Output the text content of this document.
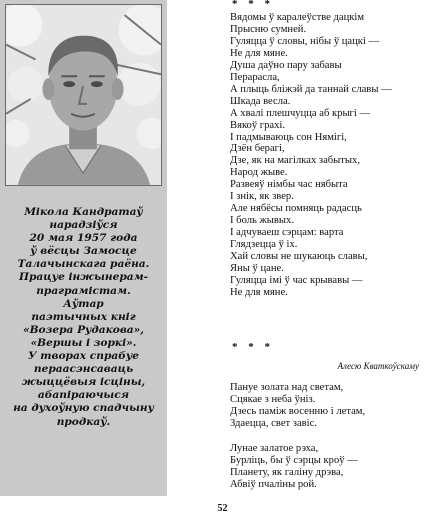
Мікола Кандратаў
нарадзіўся
20 мая 1957 года
ў вёсцы Замосце
Талачынскага раёна.
Працуе інжынерам-
праграмістам.
Аўтар
паэтычных кніг
«Возера Рудакова»,
«Вершы і зоркі».
У творах спрабуе
пераасэнсаваць
жыццёвыя ісціны,
абапіраючыся
на духоўную спадчыну
продкаў.
* * *
Вядомы ў каралеўстве дацкім
Прысню сумней.
Гуляцца ў словы, нібы ў цацкі —
Не для мяне.
Душа даўно пару забавы
Перарасла,
А плыць бліжэй да таннай славы —
Шкада весла.
А хвалі плешчуцца аб крыгі —
Вякоў грахі.
І падмываюць сон Нямігі,
Дзён берагі,
Дзе, як на магілках забытых,
Народ жыве.
Развеяў німбы час нябыта
І знік, як звер.
Але нябёсы помняць радасць
І боль жывых.
І адчуваеш сэрцам: варта
Глядзецца ў іх.
Хай словы не шукаюць славы,
Яны ў цане.
Гуляцца імі ў час крывавы —
Не для мяне.
* * *
Алесю Кваткоўскаму
Пануе золата над светам,
Сцякае з неба ўніз.
Дзесь паміж восенню і летам,
Здаецца, свет завіс.
Лунае залатое рэха,
Бурліць, бы ў сэрцы кроў —
Планету, як галіну дрэва,
Абвіў пчаліны рой.
52
